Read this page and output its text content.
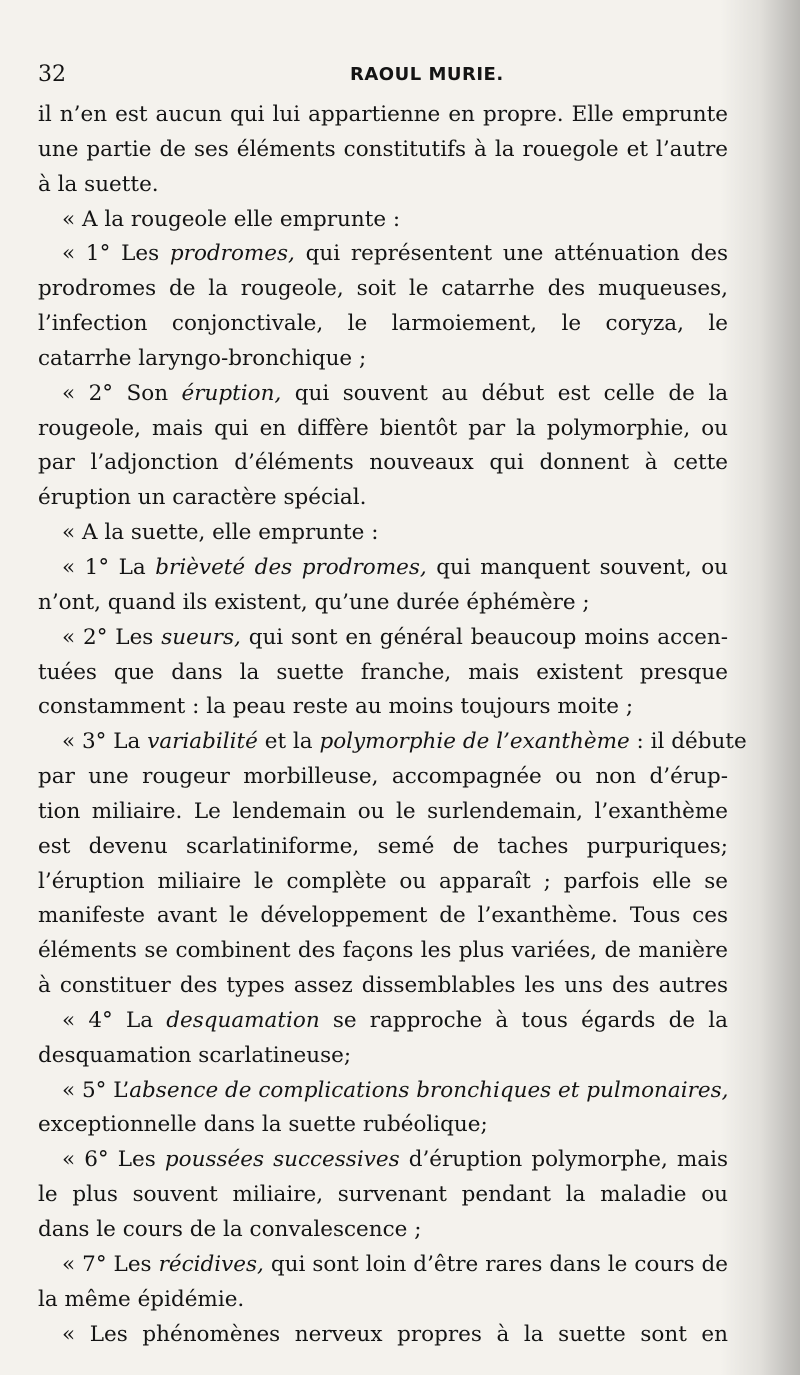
32	RAOUL MURIE.
il n’en est aucun qui lui appartienne en propre. Elle emprunte
une partie de ses éléments constitutifs à la rouegole et l’autre
à la suette.
« A la rougeole elle emprunte :
« 1° Les prodromes, qui représentent une atténuation des
prodromes de la rougeole, soit le catarrhe des muqueuses,
l’infection conjonctivale, le larmoiement, le coryza, le
catarrhe laryngo-bronchique ;
« 2° Son éruption, qui souvent au début est celle de la
rougeole, mais qui en diffère bientôt par la polymorphie, ou
par l’adjonction d’éléments nouveaux qui donnent à cette
éruption un caractère spécial.
« A la suette, elle emprunte :
« 1° La brièveté des prodromes, qui manquent souvent, ou
n’ont, quand ils existent, qu’une durée éphémère ;
« 2° Les sueurs, qui sont en général beaucoup moins accen-
tuées que dans la suette franche, mais existent presque
constamment : la peau reste au moins toujours moite ;
« 3° La variabilité et la polymorphie de l’exanthème : il débute
par une rougeur morbilleuse, accompagnée ou non d’érup-
tion miliaire. Le lendemain ou le surlendemain, l’exanthème
est devenu scarlatiniforme, semé de taches purpuriques;
l’éruption miliaire le complète ou apparaît ; parfois elle se
manifeste avant le développement de l’exanthème. Tous ces
éléments se combinent des façons les plus variées, de manière
à constituer des types assez dissemblables les uns des autres
« 4° La desquamation se rapproche à tous égards de la
desquamation scarlatineuse;
« 5° L’absence de complications bronchiques et pulmonaires,
exceptionnelle dans la suette rubéolique;
« 6° Les poussées successives d’éruption polymorphe, mais
le plus souvent miliaire, survenant pendant la maladie ou
dans le cours de la convalescence ;
« 7° Les récidives, qui sont loin d’être rares dans le cours de
la même épidémie.
« Les phénomènes nerveux propres à la suette sont en
